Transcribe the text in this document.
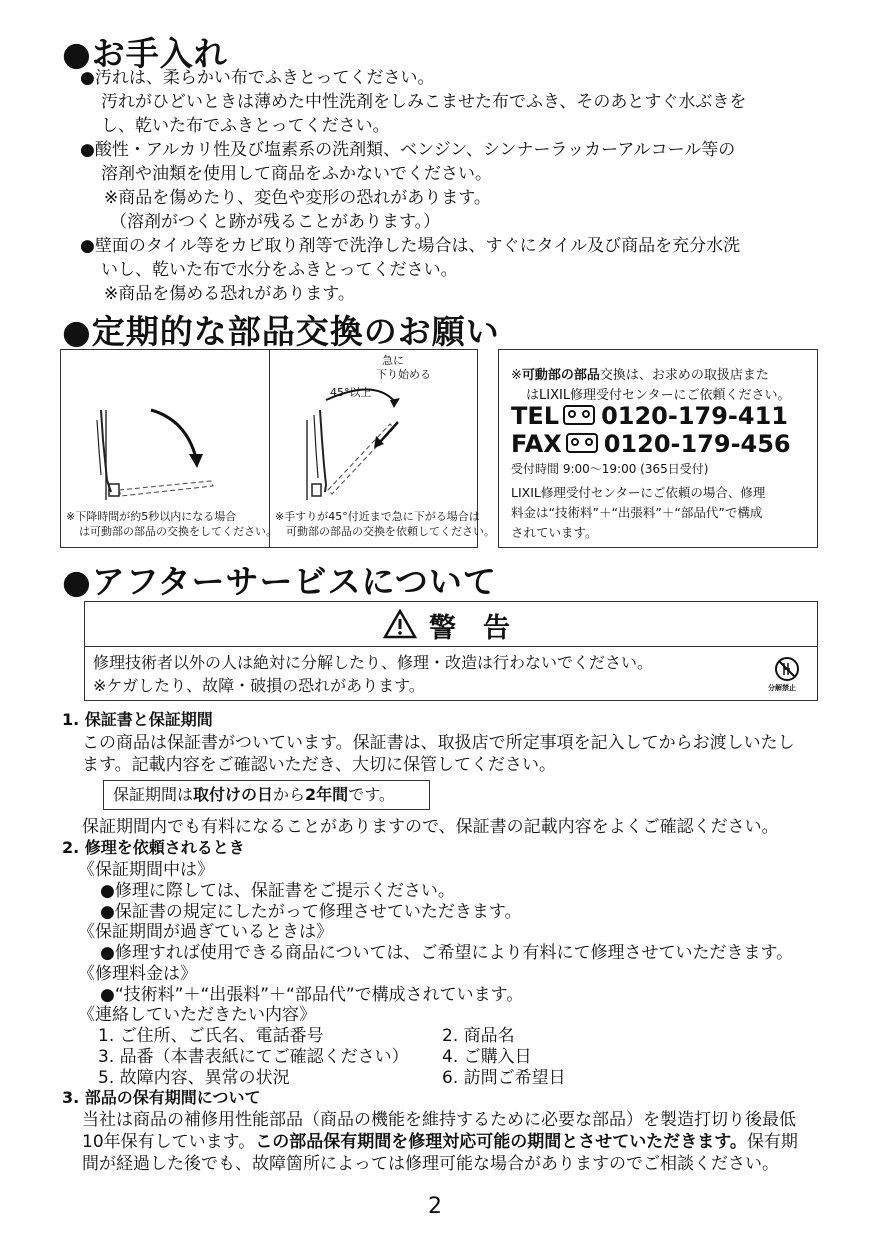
●お手入れ
●汚れは、柔らかい布でふきとってください。
汚れがひどいときは薄めた中性洗剤をしみこませた布でふき、そのあとすぐ水ぶきを
し、乾いた布でふきとってください。
●酸性・アルカリ性及び塩素系の洗剤類、ベンジン、シンナーラッカーアルコール等の
溶剤や油類を使用して商品をふかないでください。
※商品を傷めたり、変色や変形の恐れがあります。
（溶剤がつくと跡が残ることがあります。）
●壁面のタイル等をカビ取り剤等で洗浄した場合は、すぐにタイル及び商品を充分水洗
いし、乾いた布で水分をふきとってください。
※商品を傷める恐れがあります。
●定期的な部品交換のお願い
※下降時間が約5秒以内になる場合
は可動部の部品の交換をしてください。
急に
下り始める
45°以上
※手すりが45°付近まで急に下がる場合は
可動部の部品の交換を依頼してください。
※可動部の部品交換は、お求めの取扱店また
はLIXIL修理受付センターにご依頼ください。
TEL 0120-179-411
FAX 0120-179-456
受付時間 9:00〜19:00 (365日受付)
LIXIL修理受付センターにご依頼の場合、修理
料金は“技術料”＋“出張料”＋“部品代”で構成
されています。
●アフターサービスについて
警　告
修理技術者以外の人は絶対に分解したり、修理・改造は行わないでください。
※ケガしたり、故障・破損の恐れがあります。	分解禁止
1. 保証書と保証期間
この商品は保証書がついています。保証書は、取扱店で所定事項を記入してからお渡しいたし
ます。記載内容をご確認いただき、大切に保管してください。
保証期間は取付けの日から2年間です。
保証期間内でも有料になることがありますので、保証書の記載内容をよくご確認ください。
2. 修理を依頼されるとき
《保証期間中は》
●修理に際しては、保証書をご提示ください。
●保証書の規定にしたがって修理させていただきます。
《保証期間が過ぎているときは》
●修理すれば使用できる商品については、ご希望により有料にて修理させていただきます。
《修理料金は》
●“技術料”＋“出張料”＋“部品代”で構成されています。
《連絡していただきたい内容》
1. ご住所、ご氏名、電話番号	2. 商品名
3. 品番（本書表紙にてご確認ください） 4. ご購入日
5. 故障内容、異常の状況	6. 訪問ご希望日
3. 部品の保有期間について
当社は商品の補修用性能部品（商品の機能を維持するために必要な部品）を製造打切り後最低
10年保有しています。この部品保有期間を修理対応可能の期間とさせていただきます。保有期
間が経過した後でも、故障箇所によっては修理可能な場合がありますのでご相談ください。
2
